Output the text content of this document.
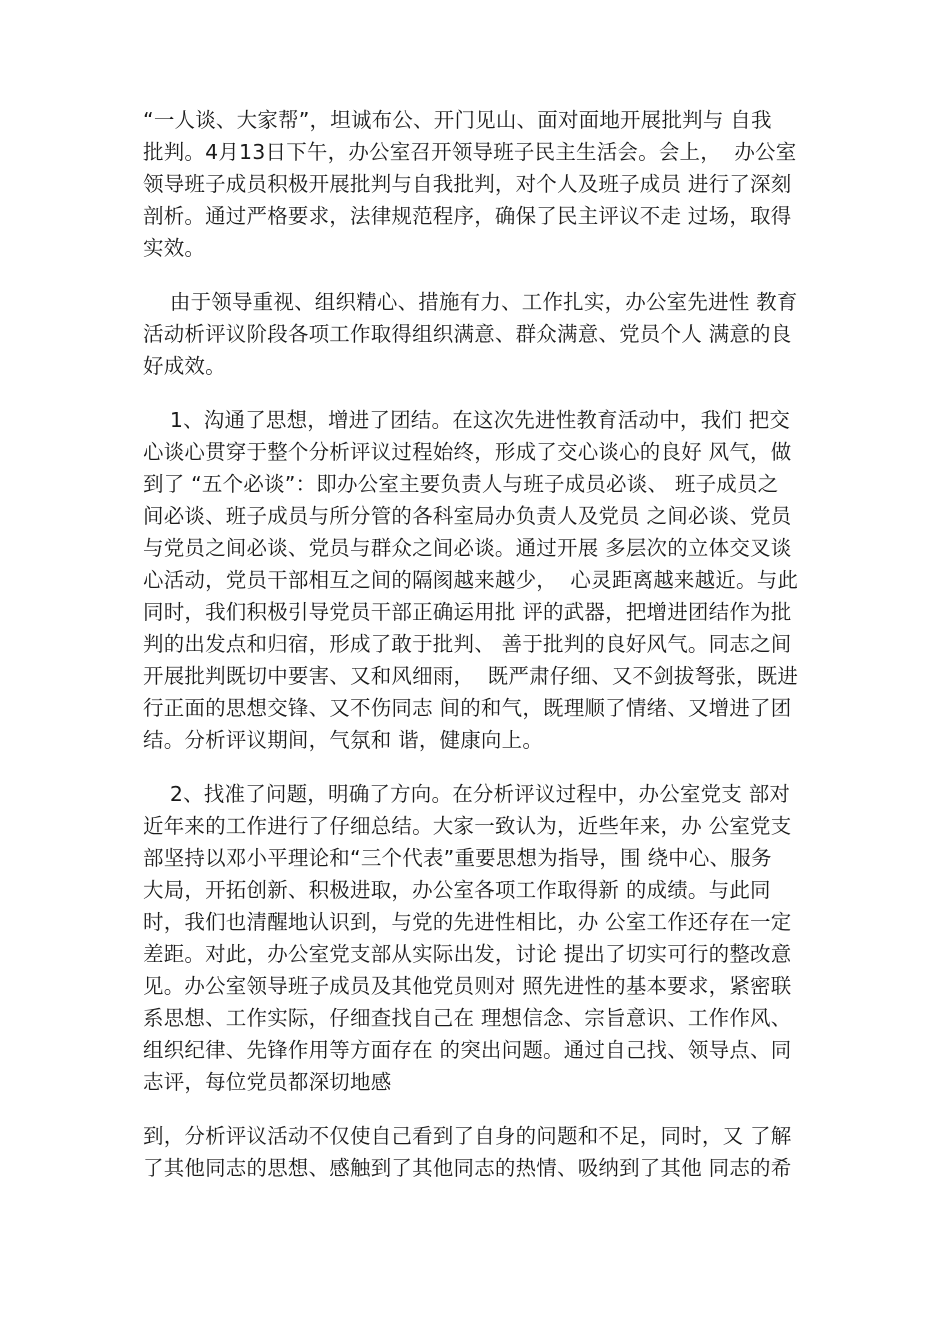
“一人谈、大家帮”，坦诚布公、开门见山、面对面地开展批判与 自我
批判。4月13日下午，办公室召开领导班子民主生活会。会上，  办公室
领导班子成员积极开展批判与自我批判，对个人及班子成员 进行了深刻
剖析。通过严格要求，法律规范程序，确保了民主评议不走 过场，取得
实效。
由于领导重视、组织精心、措施有力、工作扎实，办公室先进性 教育
活动析评议阶段各项工作取得组织满意、群众满意、党员个人 满意的良
好成效。
1、沟通了思想，增进了团结。在这次先进性教育活动中，我们 把交
心谈心贯穿于整个分析评议过程始终，形成了交心谈心的良好 风气，做
到了 “五个必谈”：即办公室主要负责人与班子成员必谈、 班子成员之
间必谈、班子成员与所分管的各科室局办负责人及党员 之间必谈、党员
与党员之间必谈、党员与群众之间必谈。通过开展 多层次的立体交叉谈
心活动，党员干部相互之间的隔阂越来越少，  心灵距离越来越近。与此
同时，我们积极引导党员干部正确运用批 评的武器，把增进团结作为批
判的出发点和归宿，形成了敢于批判、 善于批判的良好风气。同志之间
开展批判既切中要害、又和风细雨，  既严肃仔细、又不剑拔弩张，既进
行正面的思想交锋、又不伤同志 间的和气，既理顺了情绪、又增进了团
结。分析评议期间，气氛和 谐，健康向上。
2、找准了问题，明确了方向。在分析评议过程中，办公室党支 部对
近年来的工作进行了仔细总结。大家一致认为，近些年来，办 公室党支
部坚持以邓小平理论和“三个代表”重要思想为指导，围 绕中心、服务
大局，开拓创新、积极进取，办公室各项工作取得新 的成绩。与此同
时，我们也清醒地认识到，与党的先进性相比，办 公室工作还存在一定
差距。对此，办公室党支部从实际出发，讨论 提出了切实可行的整改意
见。办公室领导班子成员及其他党员则对 照先进性的基本要求，紧密联
系思想、工作实际，仔细查找自己在 理想信念、宗旨意识、工作作风、
组织纪律、先锋作用等方面存在 的突出问题。通过自己找、领导点、同
志评，每位党员都深切地感
到，分析评议活动不仅使自己看到了自身的问题和不足，同时，又 了解
了其他同志的思想、感触到了其他同志的热情、吸纳到了其他 同志的希
